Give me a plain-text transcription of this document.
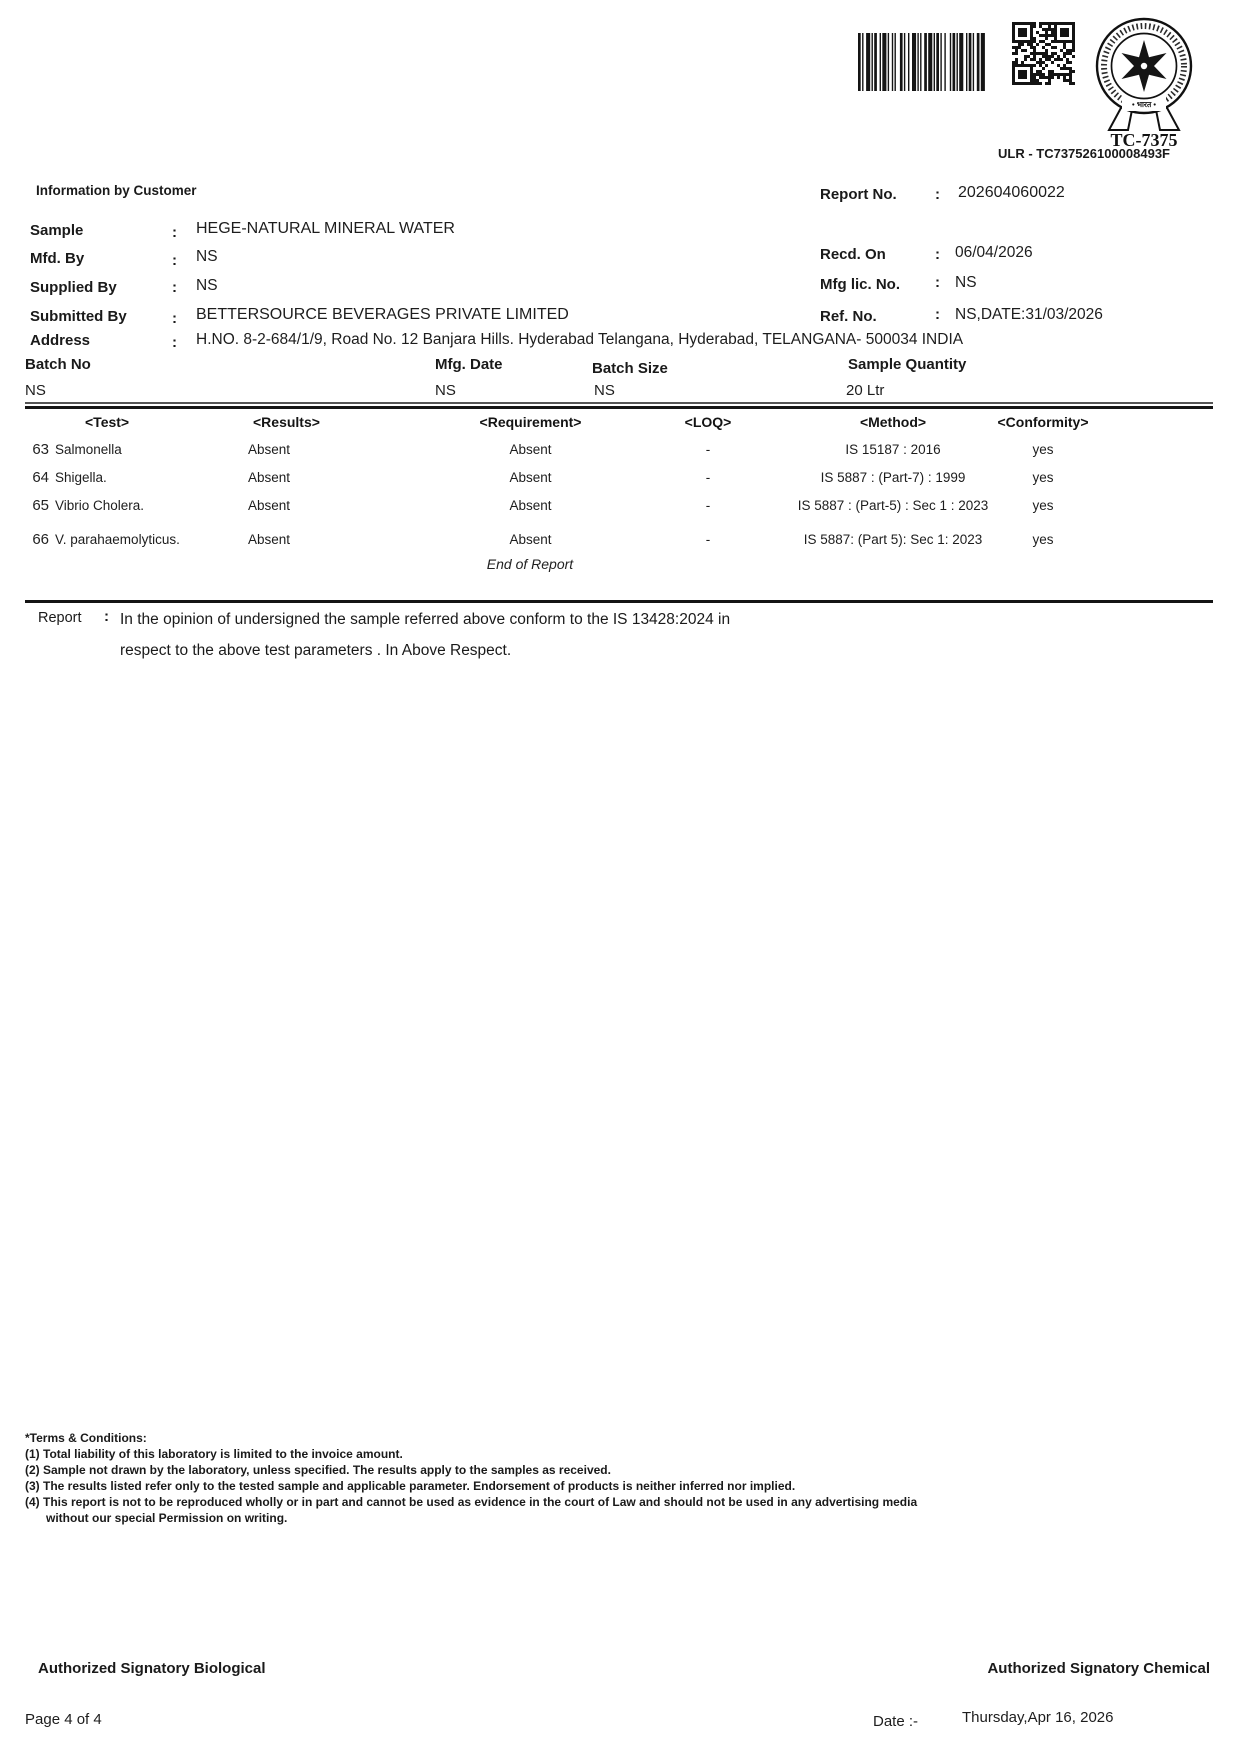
• भारत •
TC-7375
ULR - TC737526100008493F
Information by Customer	Report No.	: 202604060022
Sample	: HEGE-NATURAL MINERAL WATER
Mfd. By	: NS
Supplied By	: NS
Submitted By	: BETTERSOURCE BEVERAGES PRIVATE LIMITED
Address	: H.NO. 8-2-684/1/9, Road No. 12 Banjara Hills. Hyderabad Telangana, Hyderabad, TELANGANA- 500034 INDIA
Recd. On	: 06/04/2026
Mfg lic. No. : NS
Ref. No.	: NS,DATE:31/03/2026
Batch No	Mfg. Date	Batch Size	Sample Quantity
NS	NS	NS	20 Ltr
<Test>	<Results>	<Requirement>	<LOQ>	<Method>	<Conformity>
63 Salmonella	Absent	Absent	-	IS 15187 : 2016	yes
64 Shigella.	Absent	Absent	-	IS 5887 : (Part-7) : 1999	yes
65 Vibrio Cholera.	Absent	Absent	-	IS 5887 : (Part-5) : Sec 1 : 2023	yes
66 V. parahaemolyticus.	Absent	Absent	-	IS 5887: (Part 5): Sec 1: 2023	yes
End of Report
Report : In the opinion of undersigned the sample referred above conform to the IS 13428:2024 in
respect to the above test parameters . In Above Respect.
*Terms & Conditions:
(1) Total liability of this laboratory is limited to the invoice amount.
(2) Sample not drawn by the laboratory, unless specified. The results apply to the samples as received.
(3) The results listed refer only to the tested sample and applicable parameter. Endorsement of products is neither inferred nor implied.
(4) This report is not to be reproduced wholly or in part and cannot be used as evidence in the court of Law and should not be used in any advertising media
without our special Permission on writing.
Authorized Signatory Biological	Authorized Signatory Chemical
Page 4 of 4	Date :-	Thursday,Apr 16, 2026
